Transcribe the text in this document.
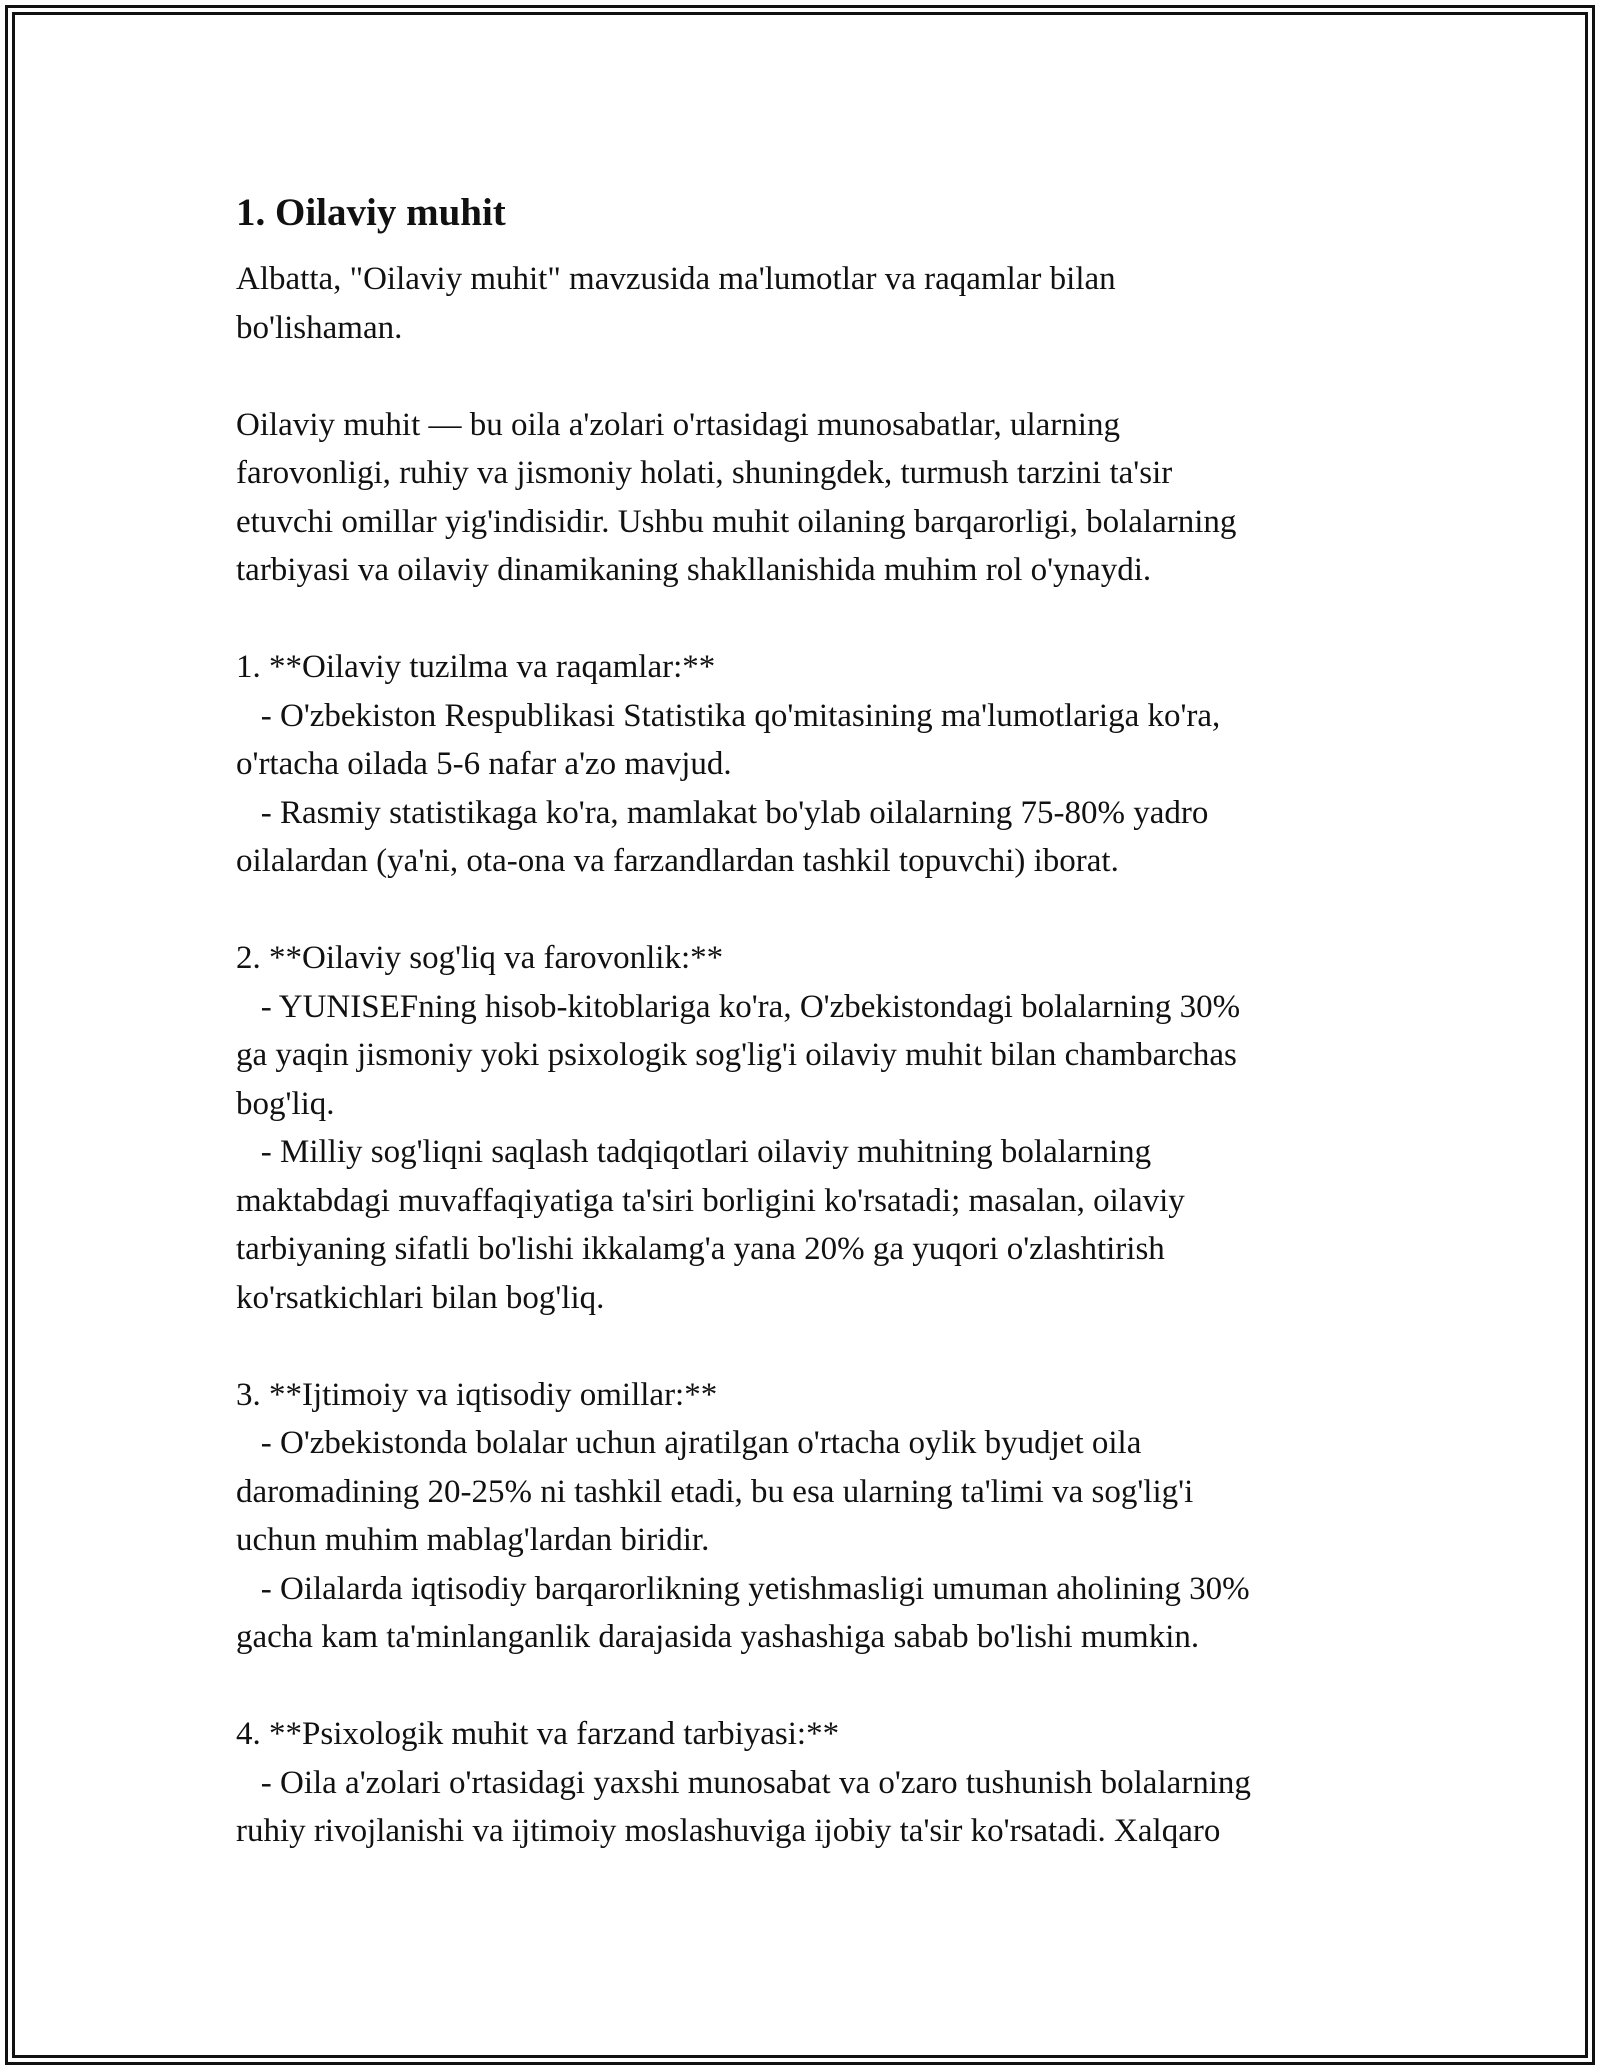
1. Oilaviy muhit

Albatta, "Oilaviy muhit" mavzusida ma'lumotlar va raqamlar bilan
bo'lishaman.

Oilaviy muhit — bu oila a'zolari o'rtasidagi munosabatlar, ularning
farovonligi, ruhiy va jismoniy holati, shuningdek, turmush tarzini ta'sir
etuvchi omillar yig'indisidir. Ushbu muhit oilaning barqarorligi, bolalarning
tarbiyasi va oilaviy dinamikaning shakllanishida muhim rol o'ynaydi.

1. **Oilaviy tuzilma va raqamlar:**
- O'zbekiston Respublikasi Statistika qo'mitasining ma'lumotlariga ko'ra,
o'rtacha oilada 5-6 nafar a'zo mavjud.
- Rasmiy statistikaga ko'ra, mamlakat bo'ylab oilalarning 75-80% yadro
oilalardan (ya'ni, ota-ona va farzandlardan tashkil topuvchi) iborat.

2. **Oilaviy sog'liq va farovonlik:**
- YUNISEFning hisob-kitoblariga ko'ra, O'zbekistondagi bolalarning 30%
ga yaqin jismoniy yoki psixologik sog'lig'i oilaviy muhit bilan chambarchas
bog'liq.
- Milliy sog'liqni saqlash tadqiqotlari oilaviy muhitning bolalarning
maktabdagi muvaffaqiyatiga ta'siri borligini ko'rsatadi; masalan, oilaviy
tarbiyaning sifatli bo'lishi ikkalamg'a yana 20% ga yuqori o'zlashtirish
ko'rsatkichlari bilan bog'liq.

3. **Ijtimoiy va iqtisodiy omillar:**
- O'zbekistonda bolalar uchun ajratilgan o'rtacha oylik byudjet oila
daromadining 20-25% ni tashkil etadi, bu esa ularning ta'limi va sog'lig'i
uchun muhim mablag'lardan biridir.
- Oilalarda iqtisodiy barqarorlikning yetishmasligi umuman aholining 30%
gacha kam ta'minlanganlik darajasida yashashiga sabab bo'lishi mumkin.

4. **Psixologik muhit va farzand tarbiyasi:**
- Oila a'zolari o'rtasidagi yaxshi munosabat va o'zaro tushunish bolalarning
ruhiy rivojlanishi va ijtimoiy moslashuviga ijobiy ta'sir ko'rsatadi. Xalqaro
